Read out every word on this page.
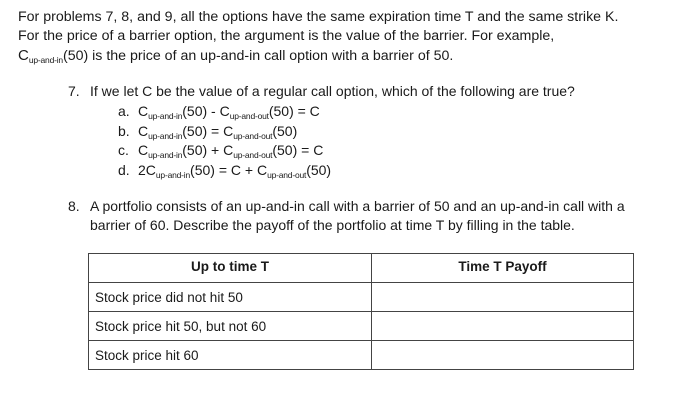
For problems 7, 8, and 9, all the options have the same expiration time T and the same strike K.

For the price of a barrier option, the argument is the value of the barrier. For example,

$C_{up-and-in}(50)$ is the price of an up-and-in call option with a barrier of 50.

7. If we let C be the value of a regular call option, which of the following are true?
a. $C_{up-and-in}(50) - C_{up-and-out}(50) = C$
b. $C_{up-and-in}(50) = C_{up-and-out}(50)$
c. $C_{up-and-in}(50) + C_{up-and-out}(50) = C$
d. $2C_{up-and-in}(50) = C + C_{up-and-out}(50)$
8. A portfolio consists of an up-and-in call with a barrier of 50 and an up-and-in call with a
barrier of 60. Describe the payoff of the portfolio at time T by filling in the table.
Up to time T	Time T Payoff
Stock price did not hit 50	
Stock price hit 50, but not 60	
Stock price hit 60	
